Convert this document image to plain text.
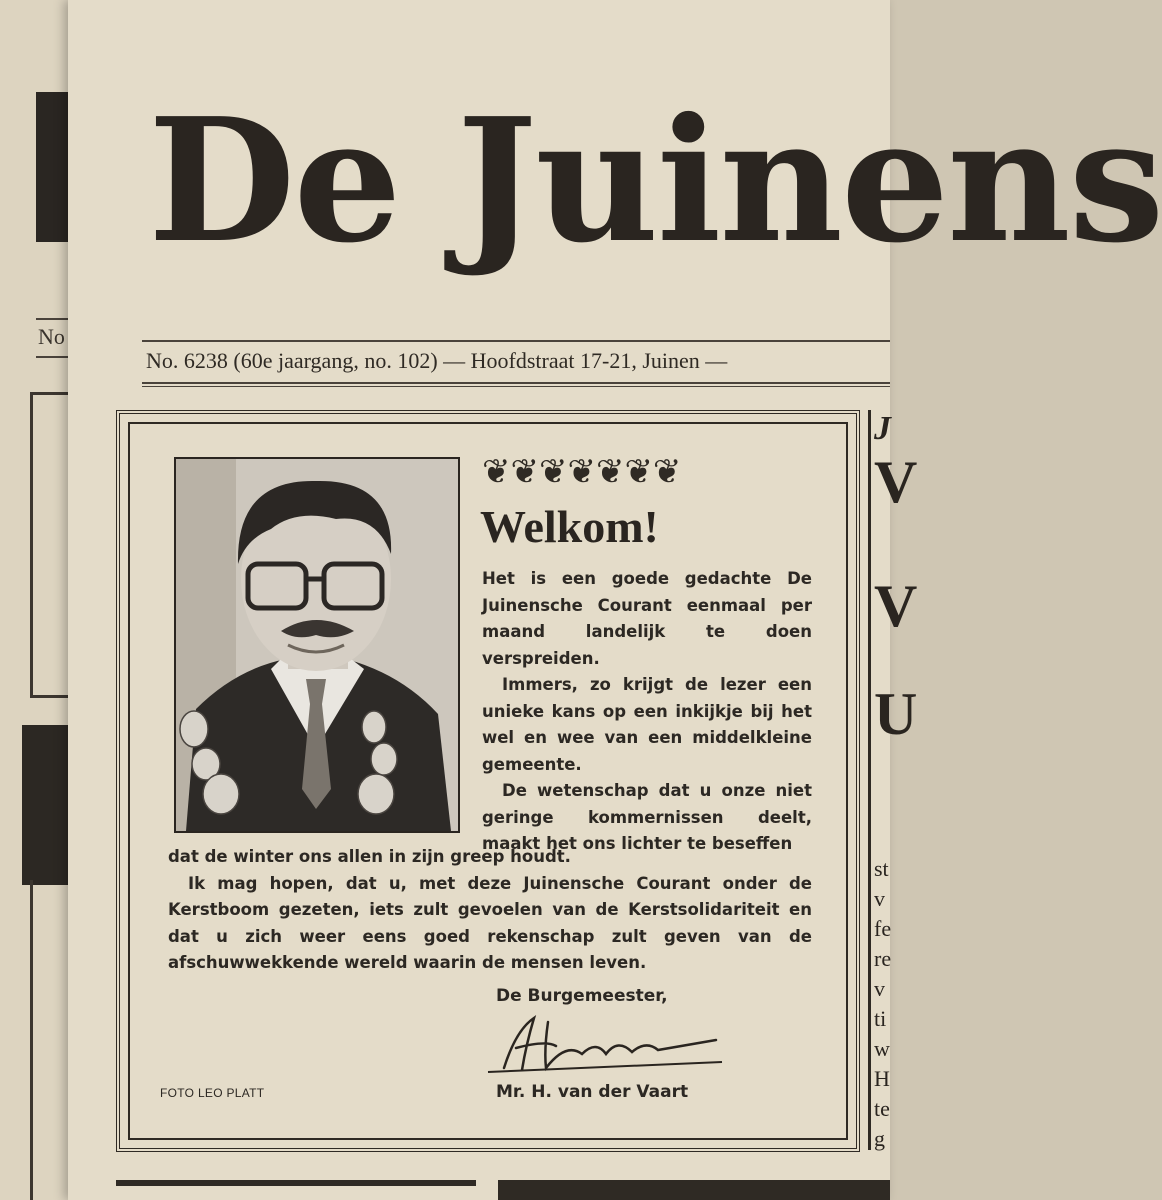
No
De Juinens
No. 6238 (60e jaargang, no. 102) — Hoofdstraat 17-21, Juinen —
❦❦❦❦❦❦❦
Welkom!

Het is een goede gedachte De Juinensche Courant eenmaal per maand landelijk te doen verspreiden.

Immers, zo krijgt de lezer een unieke kans op een inkijkje bij het wel en wee van een middelkleine gemeente.

De wetenschap dat u onze niet geringe kommernissen deelt, maakt het ons lichter te beseffen

dat de winter ons allen in zijn greep houdt.

Ik mag hopen, dat u, met deze Juinensche Courant onder de Kerstboom gezeten, iets zult gevoelen van de Kerstsolidariteit en dat u zich weer eens goed rekenschap zult geven van de afschuwwekkende wereld waarin de mensen leven.

De Burgemeester,
Mr. H. van der Vaart
FOTO LEO PLATT
J
V
V
U
st
v
fe
re
v
ti
w
H
te
g
